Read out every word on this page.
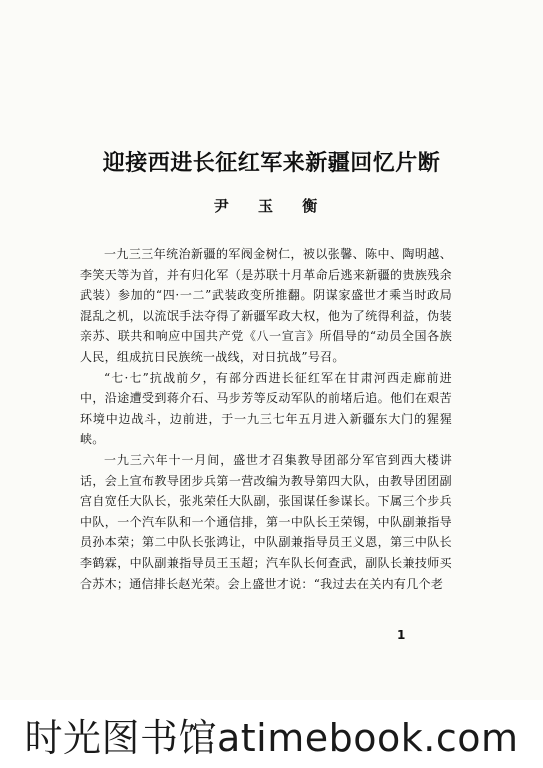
迎接西进长征红军来新疆回忆片断

尹 玉 衡

一九三三年统治新疆的军阀金树仁，被以张馨、陈中、陶明越、李笑天等为首，并有归化军（是苏联十月革命后逃来新疆的贵族残余武装）参加的“四·一二”武装政变所推翻。阴谋家盛世才乘当时政局混乱之机，以流氓手法夺得了新疆军政大权，他为了统得利益，伪装亲苏、联共和响应中国共产党《八一宣言》所倡导的“动员全国各族人民，组成抗日民族统一战线，对日抗战”号召。

“七·七”抗战前夕，有部分西进长征红军在甘肃河西走廊前进中，沿途遭受到蒋介石、马步芳等反动军队的前堵后追。他们在艰苦环境中边战斗，边前进，于一九三七年五月进入新疆东大门的猩猩峡。

一九三六年十一月间，盛世才召集教导团部分军官到西大楼讲话，会上宣布教导团步兵第一营改编为教导第四大队，由教导团团副宫自宽任大队长，张兆荣任大队副，张国谋任参谋长。下属三个步兵中队，一个汽车队和一个通信排，第一中队长王荣锡，中队副兼指导员孙本荣；第二中队长张鸿让，中队副兼指导员王义恩，第三中队长李鹤霖，中队副兼指导员王玉超；汽车队长何查武，副队长兼技师买合苏木；通信排长赵光荣。会上盛世才说：“我过去在关内有几个老

1

时光图书馆atimebook.com
